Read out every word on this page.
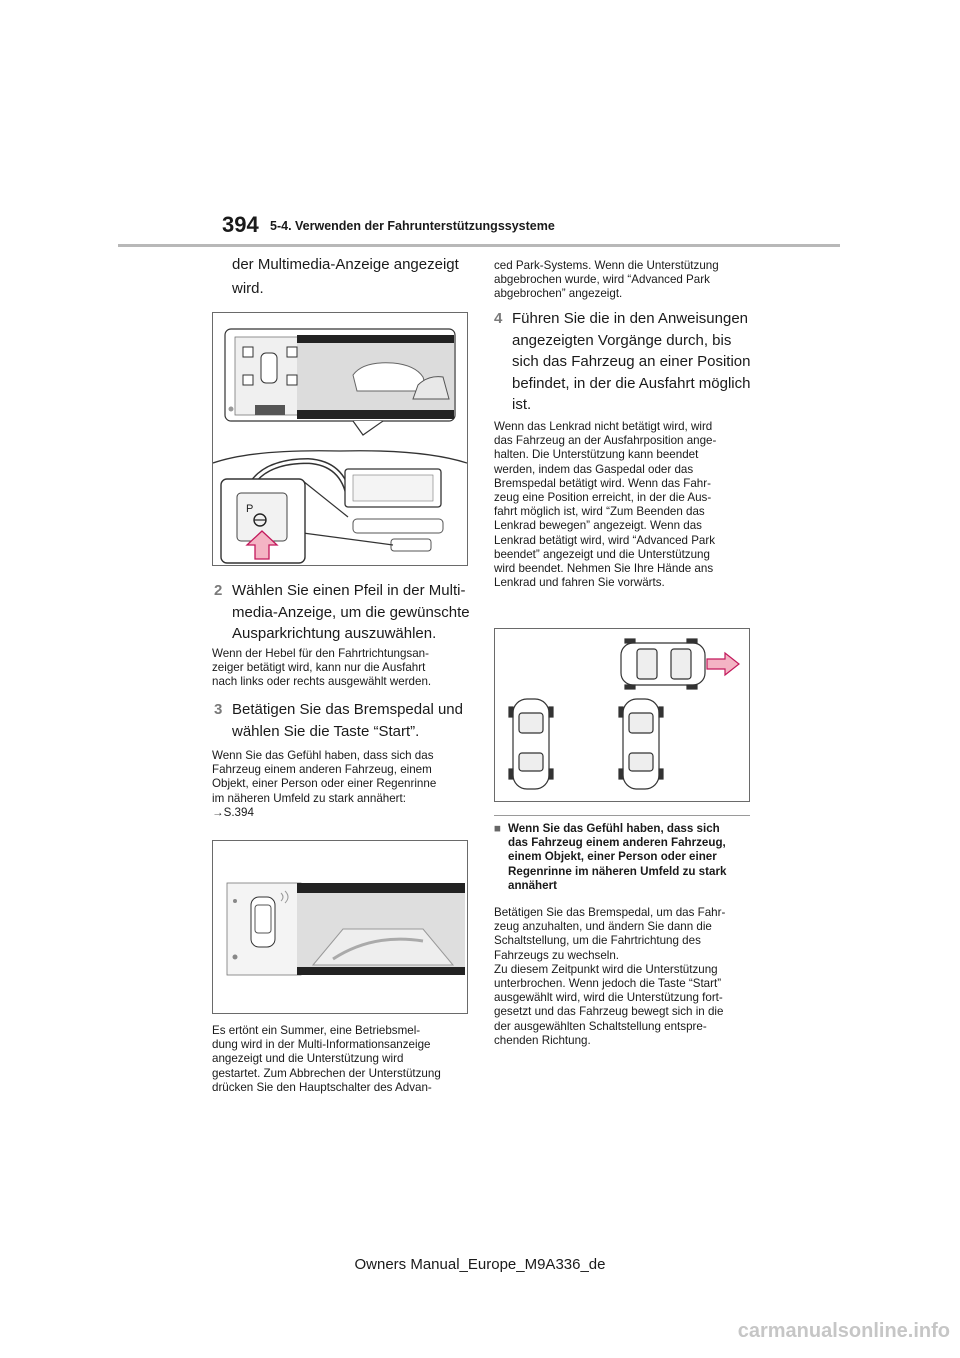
394 5-4. Verwenden der Fahrunterstützungssysteme
der Multimedia-Anzeige angezeigt
wird.
P
2 Wählen Sie einen Pfeil in der Multi-
media-Anzeige, um die gewünschte
Ausparkrichtung auszuwählen.
Wenn der Hebel für den Fahrtrichtungsan-
zeiger betätigt wird, kann nur die Ausfahrt
nach links oder rechts ausgewählt werden.
3 Betätigen Sie das Bremspedal und
wählen Sie die Taste “Start”.
Wenn Sie das Gefühl haben, dass sich das
Fahrzeug einem anderen Fahrzeug, einem
Objekt, einer Person oder einer Regenrinne
im näheren Umfeld zu stark annähert:
→S.394
Es ertönt ein Summer, eine Betriebsmel-
dung wird in der Multi-Informationsanzeige
angezeigt und die Unterstützung wird
gestartet. Zum Abbrechen der Unterstützung
drücken Sie den Hauptschalter des Advan-
ced Park-Systems. Wenn die Unterstützung
abgebrochen wurde, wird “Advanced Park
abgebrochen” angezeigt.
4 Führen Sie die in den Anweisungen
angezeigten Vorgänge durch, bis
sich das Fahrzeug an einer Position
befindet, in der die Ausfahrt möglich
ist.
Wenn das Lenkrad nicht betätigt wird, wird
das Fahrzeug an der Ausfahrposition ange-
halten. Die Unterstützung kann beendet
werden, indem das Gaspedal oder das
Bremspedal betätigt wird. Wenn das Fahr-
zeug eine Position erreicht, in der die Aus-
fahrt möglich ist, wird “Zum Beenden das
Lenkrad bewegen” angezeigt. Wenn das
Lenkrad betätigt wird, wird “Advanced Park
beendet” angezeigt und die Unterstützung
wird beendet. Nehmen Sie Ihre Hände ans
Lenkrad und fahren Sie vorwärts.
■ Wenn Sie das Gefühl haben, dass sich
das Fahrzeug einem anderen Fahrzeug,
einem Objekt, einer Person oder einer
Regenrinne im näheren Umfeld zu stark
annähert
Betätigen Sie das Bremspedal, um das Fahr-
zeug anzuhalten, und ändern Sie dann die
Schaltstellung, um die Fahrtrichtung des
Fahrzeugs zu wechseln.
Zu diesem Zeitpunkt wird die Unterstützung
unterbrochen. Wenn jedoch die Taste “Start”
ausgewählt wird, wird die Unterstützung fort-
gesetzt und das Fahrzeug bewegt sich in die
der ausgewählten Schaltstellung entspre-
chenden Richtung.
Owners Manual_Europe_M9A336_de
carmanualsonline.info
